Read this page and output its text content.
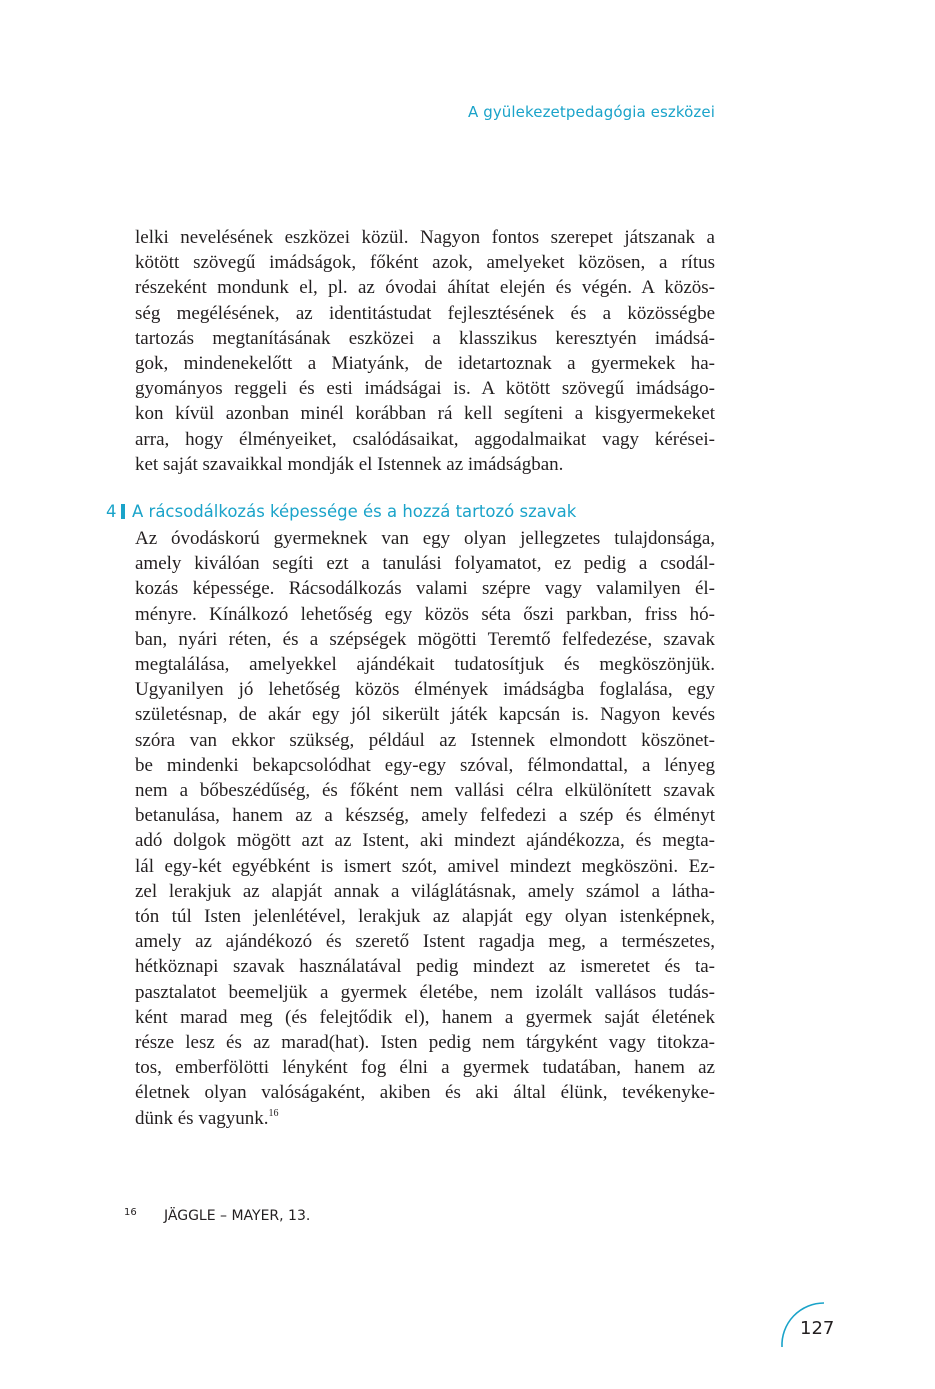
A gyülekezetpedagógia eszközei

lelki nevelésének eszközei közül. Nagyon fontos szerepet játszanak a
kötött szövegű imádságok, főként azok, amelyeket közösen, a rítus
részeként mondunk el, pl. az óvodai áhítat elején és végén. A közös-
ség megélésének, az identitástudat fejlesztésének és a közösségbe
tartozás megtanításának eszközei a klasszikus keresztyén imádsá-
gok, mindenekelőtt a Miatyánk, de idetartoznak a gyermekek ha-
gyományos reggeli és esti imádságai is. A kötött szövegű imádságo-
kon kívül azonban minél korábban rá kell segíteni a kisgyermekeket
arra, hogy élményeiket, csalódásaikat, aggodalmaikat vagy kérései-
ket saját szavaikkal mondják el Istennek az imádságban.

4 A rácsodálkozás képessége és a hozzá tartozó szavak

Az óvodáskorú gyermeknek van egy olyan jellegzetes tulajdonsága,
amely kiválóan segíti ezt a tanulási folyamatot, ez pedig a csodál-
kozás képessége. Rácsodálkozás valami szépre vagy valamilyen él-
ményre. Kínálkozó lehetőség egy közös séta őszi parkban, friss hó-
ban, nyári réten, és a szépségek mögötti Teremtő felfedezése, szavak
megtalálása, amelyekkel ajándékait tudatosítjuk és megköszönjük.
Ugyanilyen jó lehetőség közös élmények imádságba foglalása, egy
születésnap, de akár egy jól sikerült játék kapcsán is. Nagyon kevés
szóra van ekkor szükség, például az Istennek elmondott köszönet-
be mindenki bekapcsolódhat egy-egy szóval, félmondattal, a lényeg
nem a bőbeszédűség, és főként nem vallási célra elkülönített szavak
betanulása, hanem az a készség, amely felfedezi a szép és élményt
adó dolgok mögött azt az Istent, aki mindezt ajándékozza, és megta-
lál egy-két egyébként is ismert szót, amivel mindezt megköszöni. Ez-
zel lerakjuk az alapját annak a világlátásnak, amely számol a látha-
tón túl Isten jelenlétével, lerakjuk az alapját egy olyan istenképnek,
amely az ajándékozó és szerető Istent ragadja meg, a természetes,
hétköznapi szavak használatával pedig mindezt az ismeretet és ta-
pasztalatot beemeljük a gyermek életébe, nem izolált vallásos tudás-
ként marad meg (és felejtődik el), hanem a gyermek saját életének
része lesz és az marad(hat). Isten pedig nem tárgyként vagy titokza-
tos, emberfölötti lényként fog élni a gyermek tudatában, hanem az
életnek olyan valóságaként, akiben és aki által élünk, tevékenyke-
dünk és vagyunk.$^{16}$

16 JÄGGLE – MAYER, 13.
127
